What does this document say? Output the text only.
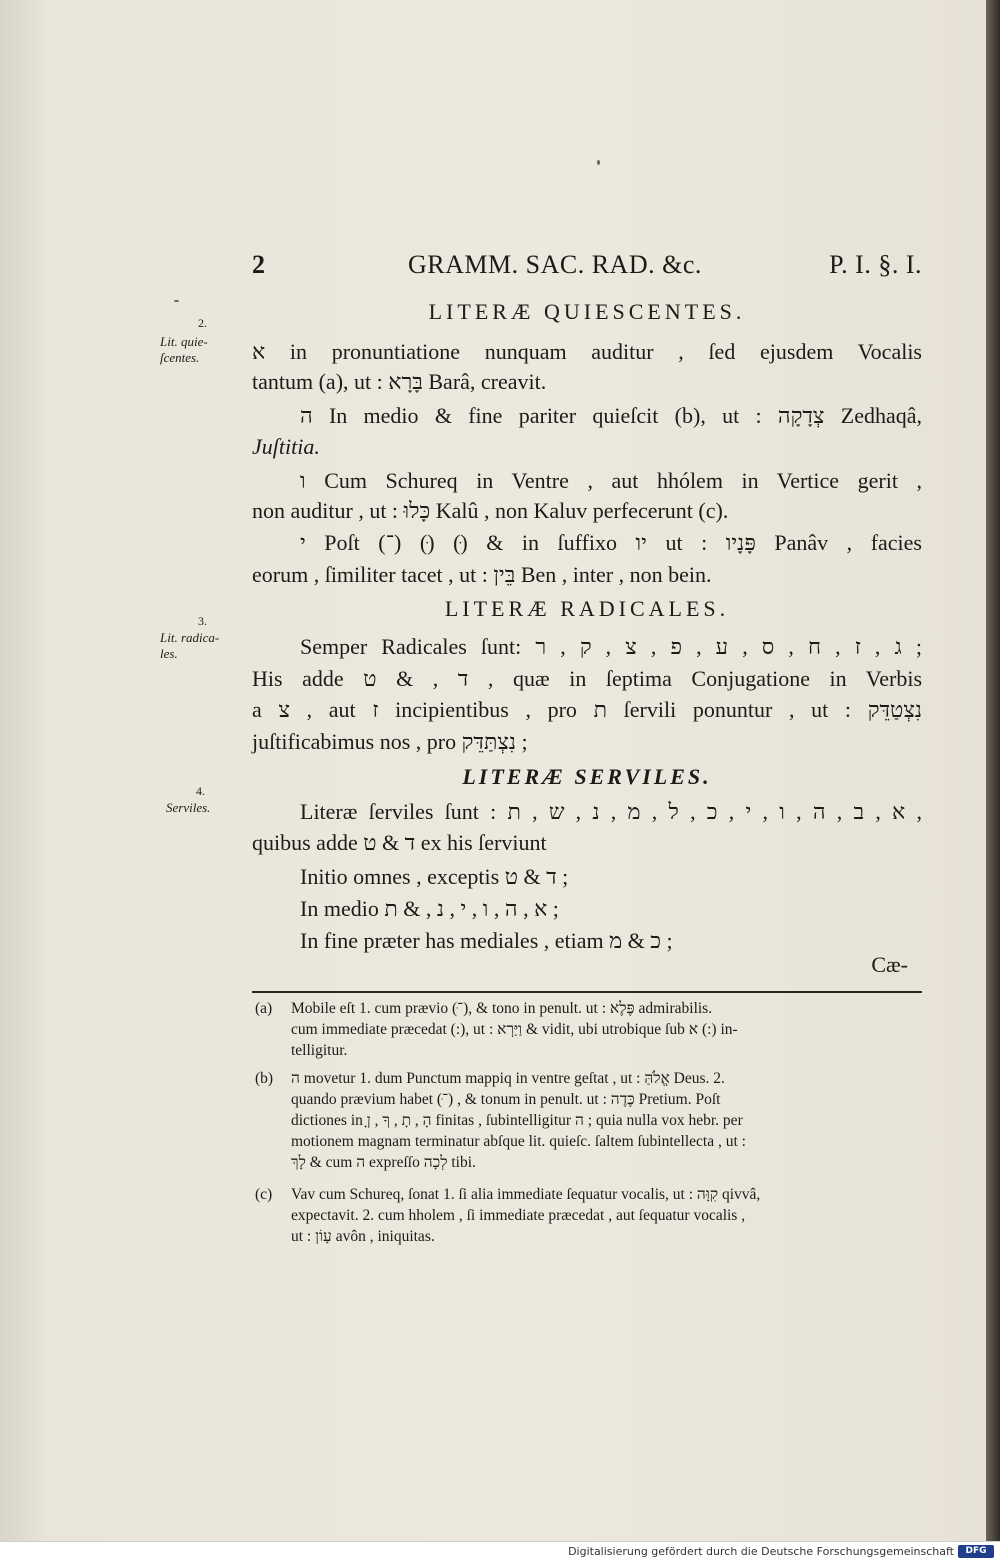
2	GRAMM. SAC. RAD. &c.	P. I. §. I.
2.
Lit. quie-
ſcentes.
3.
Lit. radica-
les.
4.
Serviles.
LITERÆ QUIESCENTES.
א in pronuntiatione nunquam auditur , ſed ejusdem Vocalis
tantum (a), ut : בָּרָא Barâ, creavit.
ה In medio & fine pariter quieſcit (b), ut : צְדָקָה Zedhaqâ,
Juſtitia.
ו Cum Schureq in Ventre , aut hhólem in Vertice gerit ,
non auditur , ut : כָּלוּ Kalû , non Kaluv perfecerunt (c).
י Poſt (־) (ּ) (ּ) & in ſuffixo יו ut : פָּנָיו Panâv , facies
eorum , ſimiliter tacet , ut : בֵּין Ben , inter , non bein.
LITERÆ RADICALES.
Semper Radicales ſunt: ג , ז , ח , ס , ע , פ , צ , ק , ר ;
His adde ד , & ט , quæ in ſeptima Conjugatione in Verbis
a צ , aut ז incipientibus , pro ת ſervili ponuntur , ut : נִצְטַדֵּק
juſtificabimus nos , pro נִצְתַּדֵּק ;
LITERÆ SERVILES.
Literæ ſerviles ſunt : א , ב , ה , ו , י , כ , ל , מ , נ , ש , ת ,
quibus adde ד & ט ex his ſerviunt
Initio omnes , exceptis ד & ט ;
In medio א , ה , ו , י , נ , & ת ;
In fine præter has mediales , etiam כ & מ ;
Cæ-
(a) Mobile eſt 1. cum prævio (־ּ), & tono in penult. ut : פֶּלֶא admirabilis.
cum immediate præcedat (:), ut : וַיַּרְא & vidit, ubi utrobique ſub א (:) in-
telligitur.
(b) ה movetur 1. dum Punctum mappiq in ventre geſtat , ut : אֱלֹהַּ Deus. 2.
quando prævium habet (־ּ) , & tonum in penult. ut : כֶּדֶה Pretium. Poſt
dictiones in הָ , תָ , ךָ , ןָ finitas , ſubintelligitur ה ; quia nulla vox hebr. per
motionem magnam terminatur abſque lit. quieſc. ſaltem ſubintellecta , ut :
לָךְ & cum ה expreſſo לְכָה tibi.
(c) Vav cum Schureq, ſonat 1. ſi alia immediate ſequatur vocalis, ut : קִוָּה qivvâ,
expectavit. 2. cum hholem , ſi immediate præcedat , aut ſequatur vocalis ,
ut : עָוֹן avôn , iniquitas.
Digitalisierung gefördert durch die Deutsche Forschungsgemeinschaft	DFG
